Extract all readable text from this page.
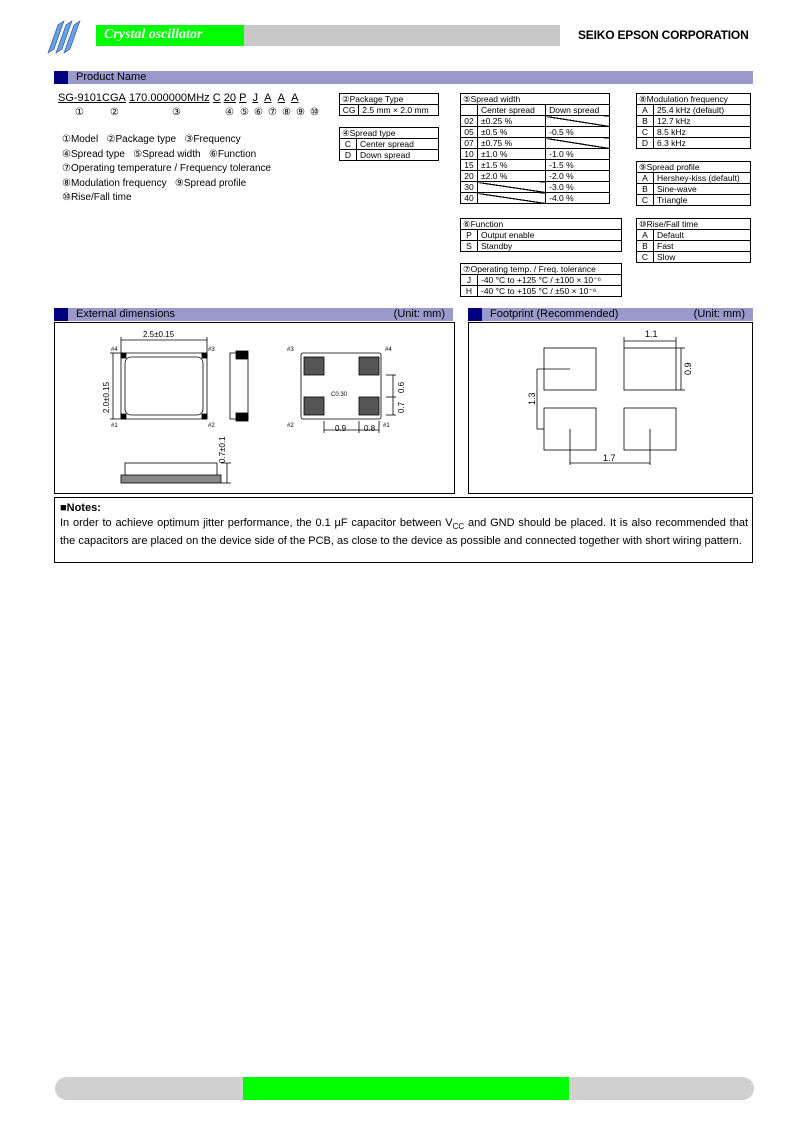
Crystal oscillator	SEIKO EPSON CORPORATION
Product Name
SG-9101CGA 170.000000MHz C 20 P J A A A
①	②	③	④ ⑤ ⑥ ⑦ ⑧ ⑨ ⑩
①Model   ②Package type   ③Frequency
④Spread type   ⑤Spread width   ⑥Function
⑦Operating temperature / Frequency tolerance
⑧Modulation frequency   ⑨Spread profile
⑩Rise/Fall time
②Package Type
CG	2.5 mm × 2.0 mm
④Spread type	
C	Center spread
D	Down spread
⑤Spread width		
	Center spread	Down spread
02	±0.25 %	
05	±0.5 %	-0.5 %
07	±0.75 %	
10	±1.0 %	-1.0 %
15	±1.5 %	-1.5 %
20	±2.0 %	-2.0 %
30		-3.0 %
40		-4.0 %
⑧Modulation frequency	
A	25.4 kHz (default)
B	12.7 kHz
C	8.5 kHz
D	6.3 kHz
⑨Spread profile	
A	Hershey-kiss (default)
B	Sine-wave
C	Triangle
⑥Function	
P	Output enable
S	Standby
⑩Rise/Fall time	
A	Default
B	Fast
C	Slow
⑦Operating temp. / Freq. tolerance	
J	-40 °C to +125 °C / ±100 × 10⁻⁶
H	-40 °C to +105 °C / ±50 × 10⁻⁶
External dimensions	(Unit: mm)
2.5±0.15
2.0±0.15
0.7±0.1
0.9 0.8
0.6
0.7
C0.30
#4	#3
#1	#2
#3	#4
#2	#1
Footprint (Recommended)	(Unit: mm)
1.1
0.9
1.3
1.7
■Notes:
In order to achieve optimum jitter performance, the 0.1 µF capacitor between $V_{CC}$ and GND should be placed. It is also recommended that the capacitors are placed on the device side of the PCB, as close to the device as possible and connected together with short wiring pattern.
